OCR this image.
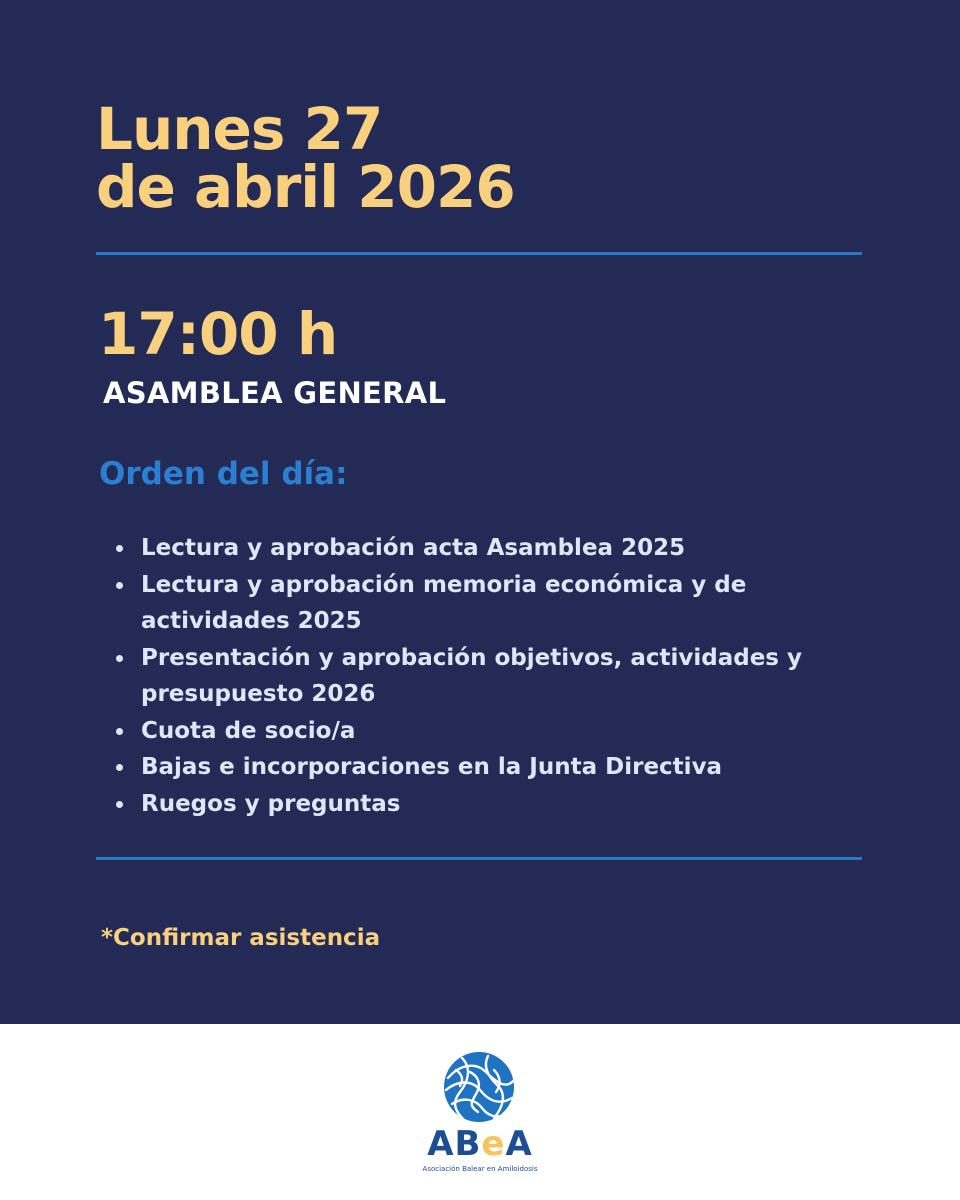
Lunes 27
de abril 2026
17:00 h
ASAMBLEA GENERAL
Orden del día:
Lectura y aprobación acta Asamblea 2025
Lectura y aprobación memoria económica y de actividades 2025
Presentación y aprobación objetivos, actividades y presupuesto 2026
Cuota de socio/a
Bajas e incorporaciones en la Junta Directiva
Ruegos y preguntas

*Confirmar asistencia

ABeA
Asociación Balear en Amiloidosis
